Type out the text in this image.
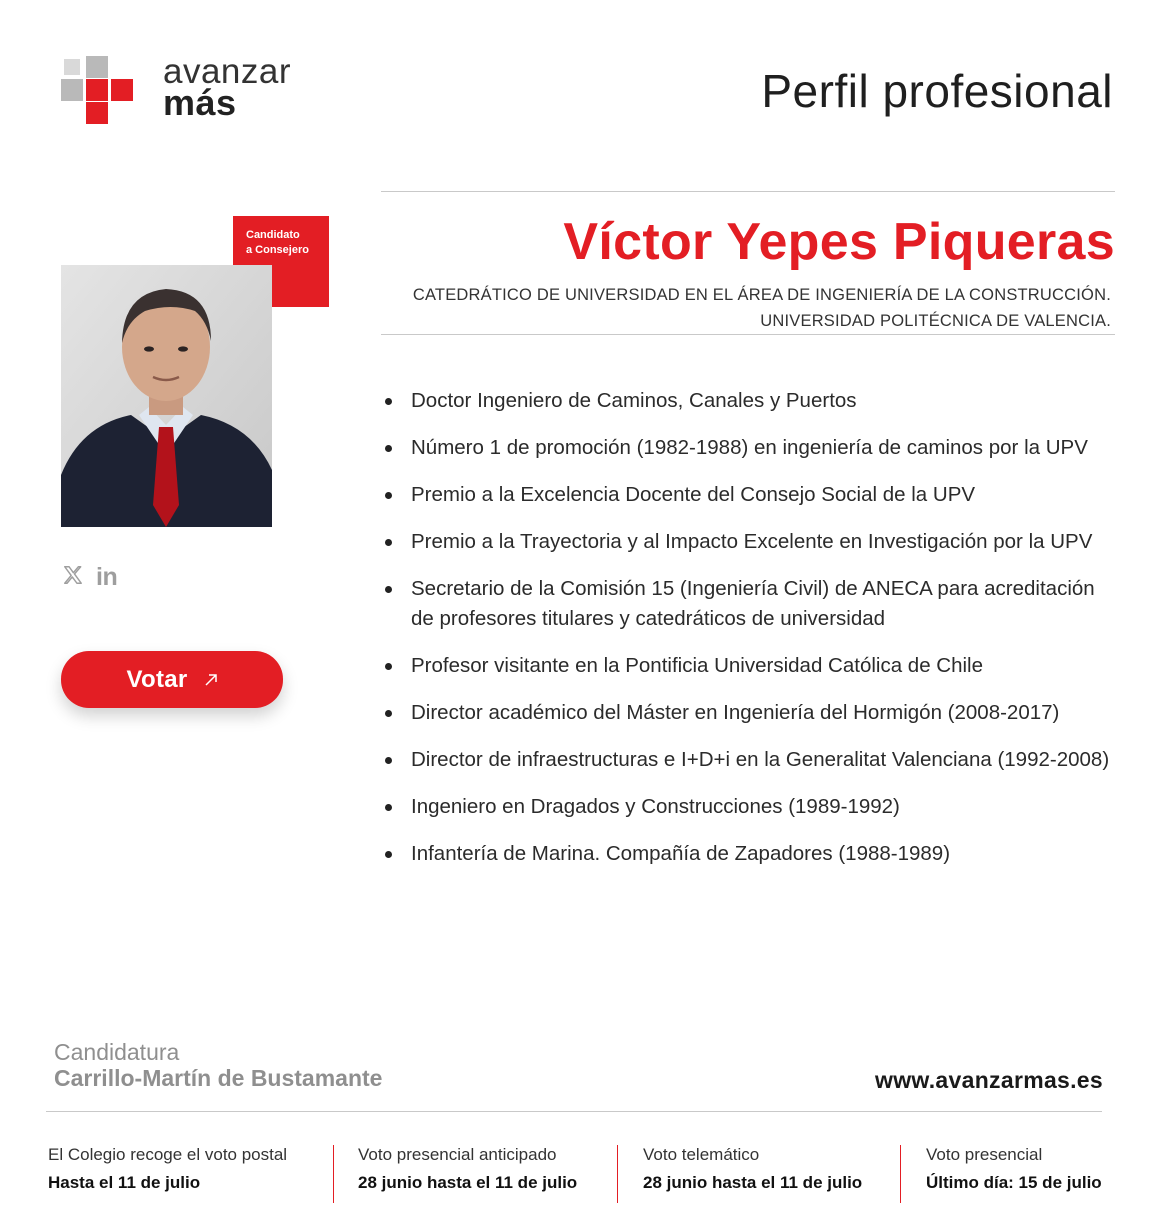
avanzar
más	Perfil profesional
Candidato
a Consejero
in
Votar
Víctor Yepes Piqueras
CATEDRÁTICO DE UNIVERSIDAD EN EL ÁREA DE INGENIERÍA DE LA CONSTRUCCIÓN.
UNIVERSIDAD POLITÉCNICA DE VALENCIA.
Doctor Ingeniero de Caminos, Canales y Puertos
Número 1 de promoción (1982-1988) en ingeniería de caminos por la UPV
Premio a la Excelencia Docente del Consejo Social de la UPV
Premio a la Trayectoria y al Impacto Excelente en Investigación por la UPV
Secretario de la Comisión 15 (Ingeniería Civil) de ANECA para acreditación de profesores titulares y catedráticos de universidad
Profesor visitante en la Pontificia Universidad Católica de Chile
Director académico del Máster en Ingeniería del Hormigón (2008-2017)
Director de infraestructuras e I+D+i en la Generalitat Valenciana (1992-2008)
Ingeniero en Dragados y Construcciones (1989-1992)
Infantería de Marina. Compañía de Zapadores (1988-1989)
Candidatura
Carrillo-Martín de Bustamante	www.avanzarmas.es
El Colegio recoge el voto postal
Hasta el 11 de julio
Voto presencial anticipado
28 junio hasta el 11 de julio
Voto telemático
28 junio hasta el 11 de julio
Voto presencial
Último día: 15 de julio
